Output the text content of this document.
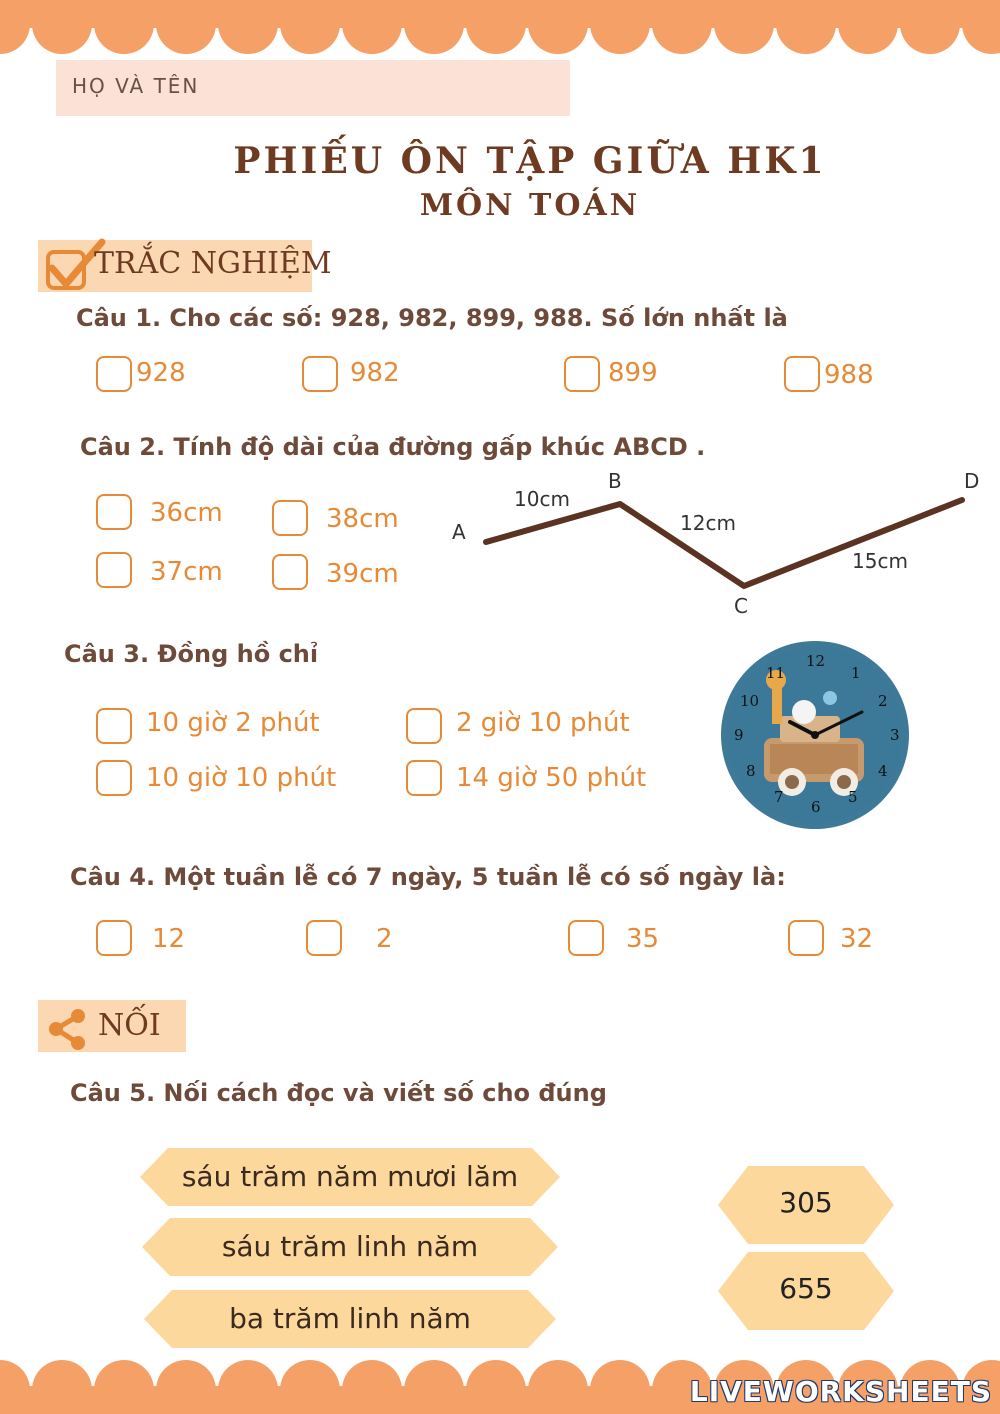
HỌ VÀ TÊN
PHIẾU ÔN TẬP GIỮA HK1
MÔN TOÁN
TRẮC NGHIỆM
Câu 1. Cho các số: 928, 982, 899, 988. Số lớn nhất là
928	982	899	988
Câu 2. Tính độ dài của đường gấp khúc ABCD .
36cm	38cm
37cm	39cm
A
B
C
D
10cm
12cm
15cm
Câu 3. Đồng hồ chỉ
10 giờ 2 phút	2 giờ 10 phút
10 giờ 10 phút	14 giờ 50 phút
12
1
2
3
4
5
6
7
8
9
10
11
Câu 4. Một tuần lễ có 7 ngày, 5 tuần lễ có số ngày là:
12	2	35	32
NỐI
Câu 5. Nối cách đọc và viết số cho đúng
sáu trăm năm mươi lăm
sáu trăm linh năm
ba trăm linh năm
305
655
LIVEWORKSHEETS
